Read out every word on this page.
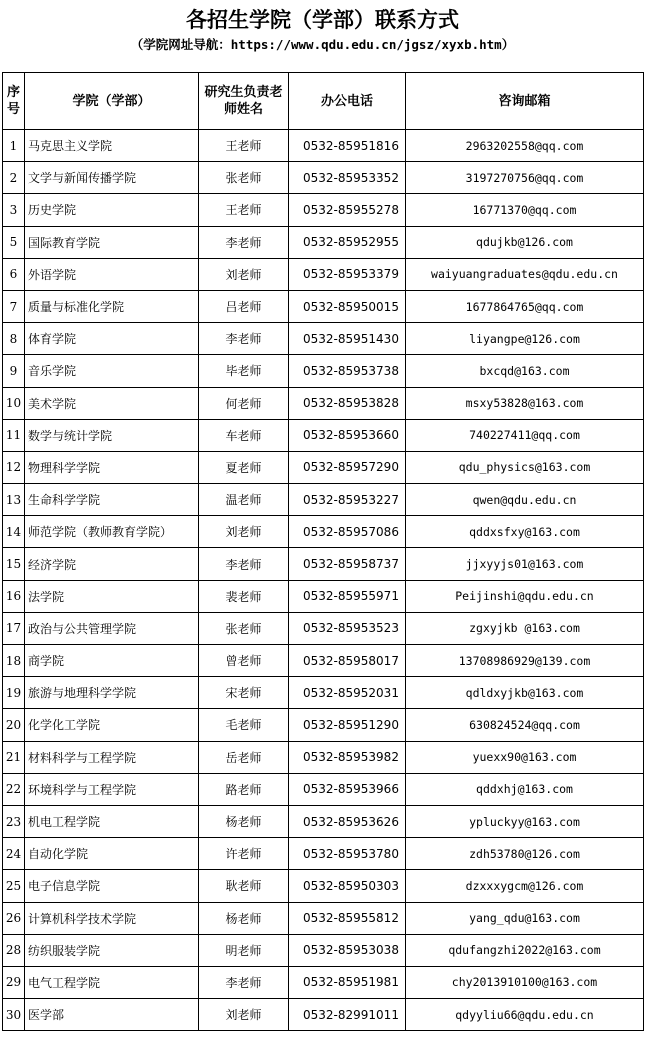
各招生学院（学部）联系方式
（学院网址导航：https://www.qdu.edu.cn/jgsz/xyxb.htm）
序号	学院（学部）	研究生负责老师姓名	办公电话	咨询邮箱
1	马克思主义学院	王老师	0532-85951816	2963202558@qq.com
2	文学与新闻传播学院	张老师	0532-85953352	3197270756@qq.com
3	历史学院	王老师	0532-85955278	16771370@qq.com
5	国际教育学院	李老师	0532-85952955	qdujkb@126.com
6	外语学院	刘老师	0532-85953379	waiyuangraduates@qdu.edu.cn
7	质量与标准化学院	吕老师	0532-85950015	1677864765@qq.com
8	体育学院	李老师	0532-85951430	liyangpe@126.com
9	音乐学院	毕老师	0532-85953738	bxcqd@163.com
10	美术学院	何老师	0532-85953828	msxy53828@163.com
11	数学与统计学院	车老师	0532-85953660	740227411@qq.com
12	物理科学学院	夏老师	0532-85957290	qdu_physics@163.com
13	生命科学学院	温老师	0532-85953227	qwen@qdu.edu.cn
14	师范学院（教师教育学院）	刘老师	0532-85957086	qddxsfxy@163.com
15	经济学院	李老师	0532-85958737	jjxyyjs01@163.com
16	法学院	裴老师	0532-85955971	Peijinshi@qdu.edu.cn
17	政治与公共管理学院	张老师	0532-85953523	zgxyjkb @163.com
18	商学院	曾老师	0532-85958017	13708986929@139.com
19	旅游与地理科学学院	宋老师	0532-85952031	qdldxyjkb@163.com
20	化学化工学院	毛老师	0532-85951290	630824524@qq.com
21	材料科学与工程学院	岳老师	0532-85953982	yuexx90@163.com
22	环境科学与工程学院	路老师	0532-85953966	qddxhj@163.com
23	机电工程学院	杨老师	0532-85953626	ypluckyy@163.com
24	自动化学院	许老师	0532-85953780	zdh53780@126.com
25	电子信息学院	耿老师	0532-85950303	dzxxxygcm@126.com
26	计算机科学技术学院	杨老师	0532-85955812	yang_qdu@163.com
28	纺织服装学院	明老师	0532-85953038	qdufangzhi2022@163.com
29	电气工程学院	李老师	0532-85951981	chy2013910100@163.com
30	医学部	刘老师	0532-82991011	qdyyliu66@qdu.edu.cn
